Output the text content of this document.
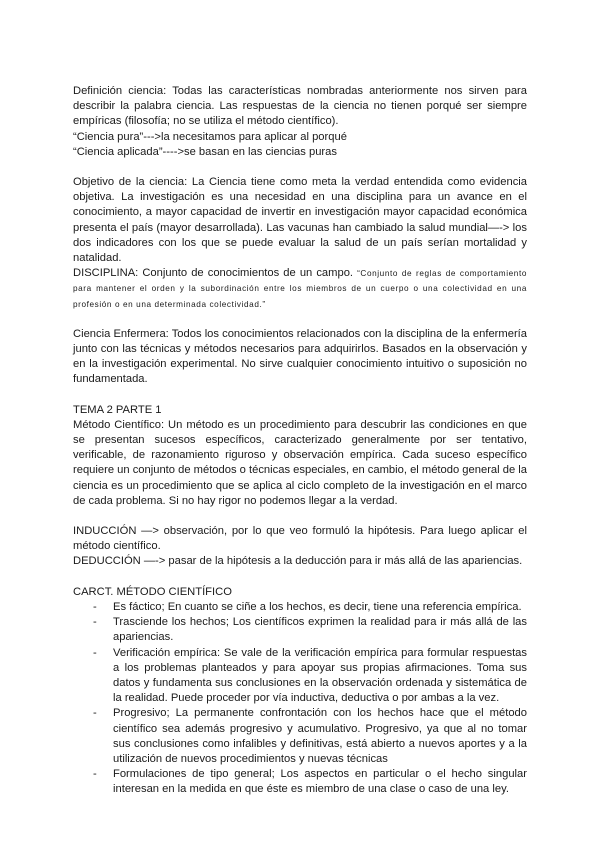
Definición ciencia: Todas las características nombradas anteriormente nos sirven para describir la palabra ciencia. Las respuestas de la ciencia no tienen porqué ser siempre empíricas (filosofía; no se utiliza el método científico).

“Ciencia pura”--->la necesitamos para aplicar al porqué

“Ciencia aplicada”---->se basan en las ciencias puras

Objetivo de la ciencia: La Ciencia tiene como meta la verdad entendida como evidencia objetiva. La investigación es una necesidad en una disciplina para un avance en el conocimiento, a mayor capacidad de invertir en investigación mayor capacidad económica presenta el país (mayor desarrollada). Las vacunas han cambiado la salud mundial—-> los dos indicadores con los que se puede evaluar la salud de un país serían mortalidad y natalidad.

DISCIPLINA: Conjunto de conocimientos de un campo. “Conjunto de reglas de comportamiento para mantener el orden y la subordinación entre los miembros de un cuerpo o una colectividad en una profesión o en una determinada colectividad.”

Ciencia Enfermera: Todos los conocimientos relacionados con la disciplina de la enfermería junto con las técnicas y métodos necesarios para adquirirlos. Basados en la observación y en la investigación experimental. No sirve cualquier conocimiento intuitivo o suposición no fundamentada.

TEMA 2 PARTE 1

Método Científico: Un método es un procedimiento para descubrir las condiciones en que se presentan sucesos específicos, caracterizado generalmente por ser tentativo, verificable, de razonamiento riguroso y observación empírica. Cada suceso específico requiere un conjunto de métodos o técnicas especiales, en cambio, el método general de la ciencia es un procedimiento que se aplica al ciclo completo de la investigación en el marco de cada problema. Si no hay rigor no podemos llegar a la verdad.

INDUCCIÓN —> observación, por lo que veo formuló la hipótesis. Para luego aplicar el método científico.

DEDUCCIÓN —-> pasar de la hipótesis a la deducción para ir más allá de las apariencias.

CARCT. MÉTODO CIENTÍFICO

- Es fáctico; En cuanto se ciñe a los hechos, es decir, tiene una referencia empírica.
- Trasciende los hechos; Los científicos exprimen la realidad para ir más allá de las apariencias.
- Verificación empírica: Se vale de la verificación empírica para formular respuestas a los problemas planteados y para apoyar sus propias afirmaciones. Toma sus datos y fundamenta sus conclusiones en la observación ordenada y sistemática de la realidad. Puede proceder por vía inductiva, deductiva o por ambas a la vez.
- Progresivo; La permanente confrontación con los hechos hace que el método científico sea además progresivo y acumulativo. Progresivo, ya que al no tomar sus conclusiones como infalibles y definitivas, está abierto a nuevos aportes y a la utilización de nuevos procedimientos y nuevas técnicas
- Formulaciones de tipo general; Los aspectos en particular o el hecho singular interesan en la medida en que éste es miembro de una clase o caso de una ley.
